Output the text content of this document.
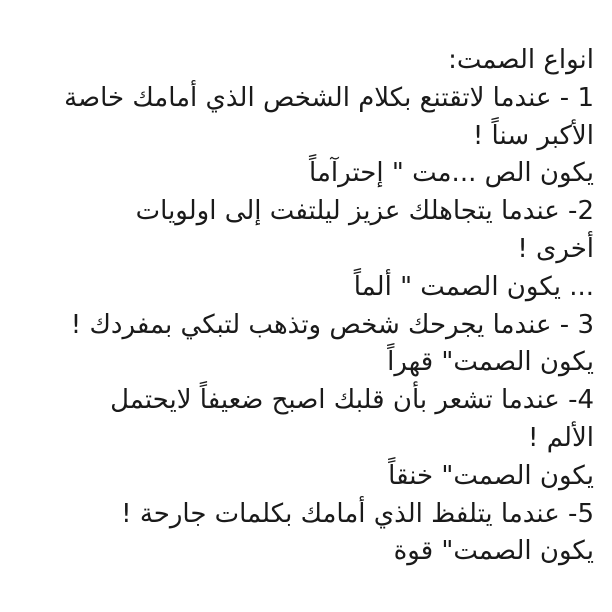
انواع الصمت:
1 - عندما لاتقتنع بكلام الشخص الذي أمامك خاصة
الأكبر سناً !
يكون الص ...مت " إحترآماً
2- عندما يتجاهلك عزيز ليلتفت إلى اولويات
أخرى !
... يكون الصمت " ألماً
3 - عندما يجرحك شخص وتذهب لتبكي بمفردك !
يكون الصمت" قهراً
4- عندما تشعر بأن قلبك اصبح ضعيفاً لايحتمل
الألم !
يكون الصمت" خنقاً
5- عندما يتلفظ الذي أمامك بكلمات جارحة !
يكون الصمت" قوة
